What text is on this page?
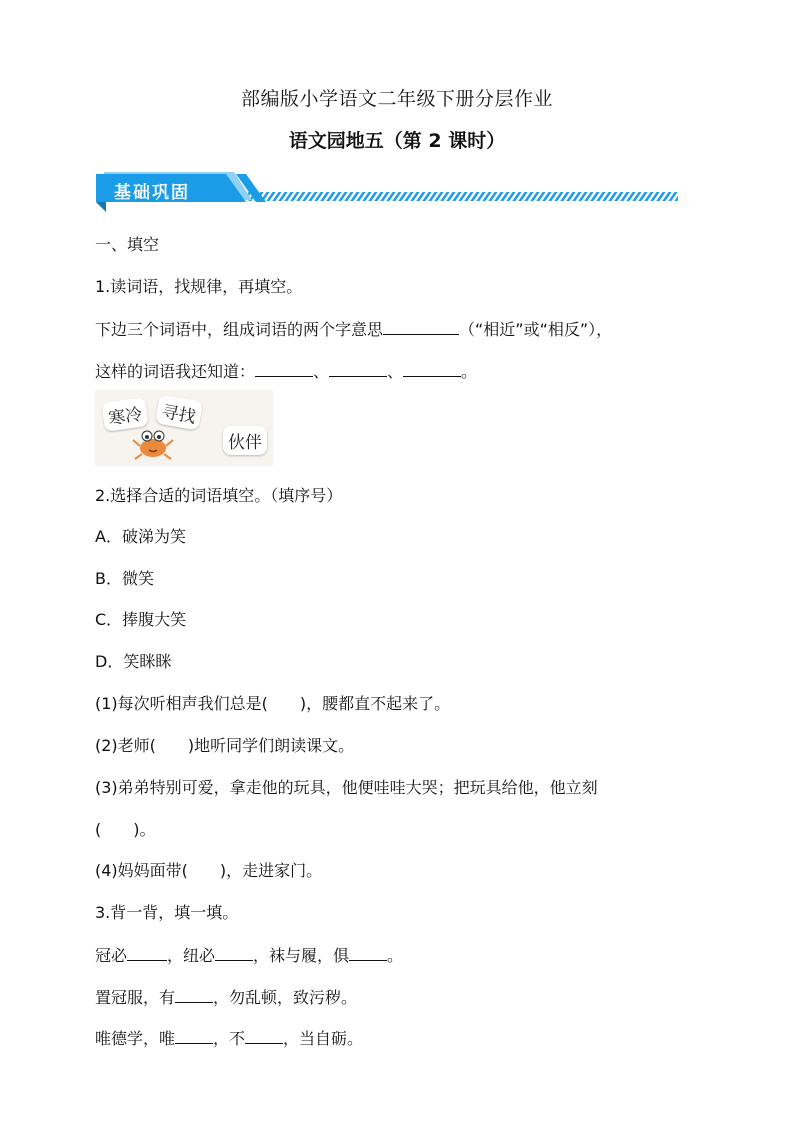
部编版小学语文二年级下册分层作业
语文园地五（第 2 课时）
基础巩固
一、填空
1.读词语，找规律，再填空。
下边三个词语中，组成词语的两个字意思	（“相近”或“相反”），
这样的词语我还知道：	、	、	。
寒冷 寻找
伙伴
2.选择合适的词语填空。（填序号）
A．破涕为笑
B．微笑
C．捧腹大笑
D．笑眯眯
(1)每次听相声我们总是(　　)，腰都直不起来了。
(2)老师(　　)地听同学们朗读课文。
(3)弟弟特别可爱，拿走他的玩具，他便哇哇大哭；把玩具给他，他立刻
(　　)。
(4)妈妈面带(　　)，走进家门。
3.背一背，填一填。
冠必	，纽必 ，袜与履，俱 。
置冠服，有 ，勿乱顿，致污秽。
唯德学，唯 ，不 ，当自砺。
